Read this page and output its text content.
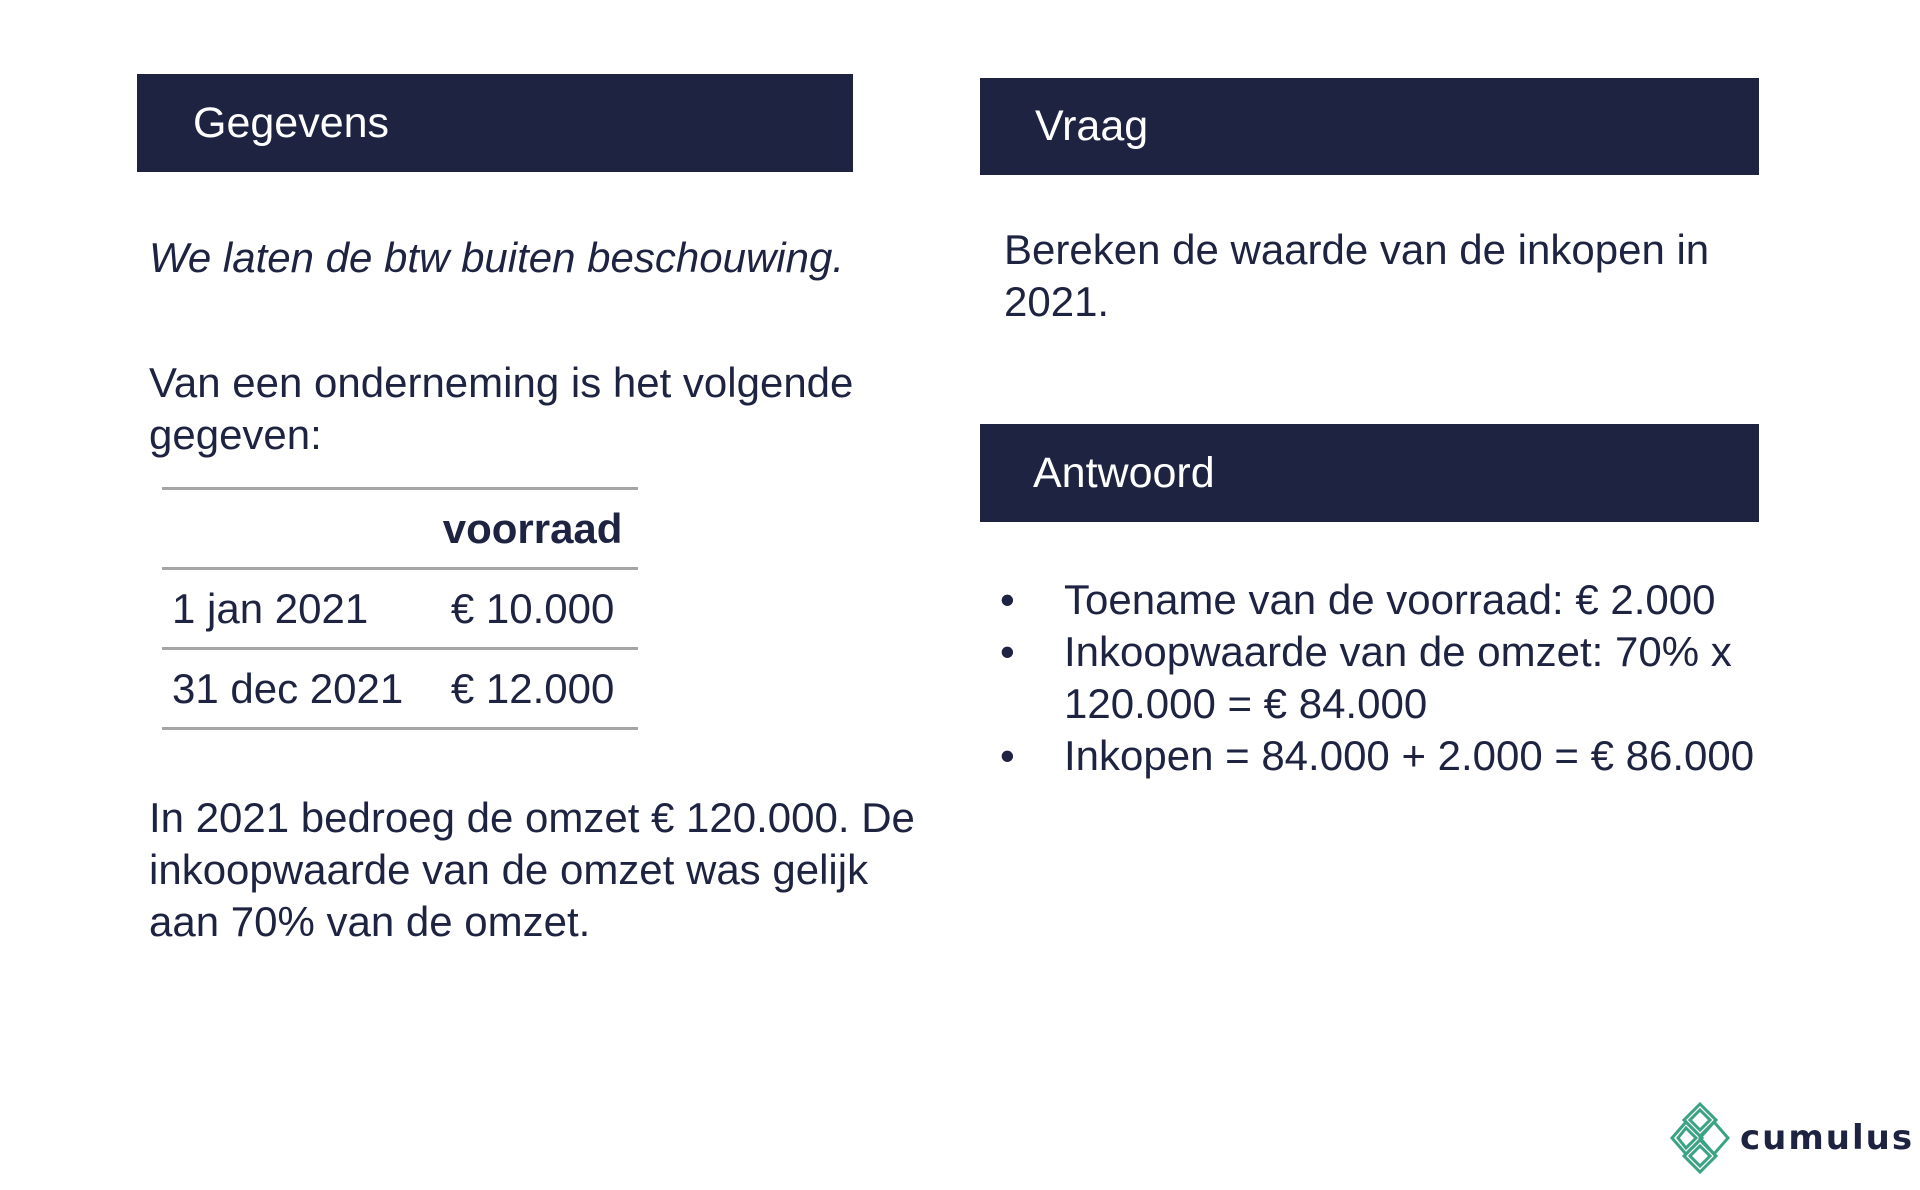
Gegevens
We laten de btw buiten beschouwing.
Van een onderneming is het volgende gegeven:
	voorraad
1 jan 2021	€ 10.000
31 dec 2021	€ 12.000
In 2021 bedroeg de omzet € 120.000. De inkoopwaarde van de omzet was gelijk aan 70% van de omzet.
Vraag
Bereken de waarde van de inkopen in 2021.
Antwoord
• Toename van de voorraad: € 2.000
• Inkoopwaarde van de omzet: 70% x 120.000 = € 84.000
• Inkopen = 84.000 + 2.000 = € 86.000
cumulus
